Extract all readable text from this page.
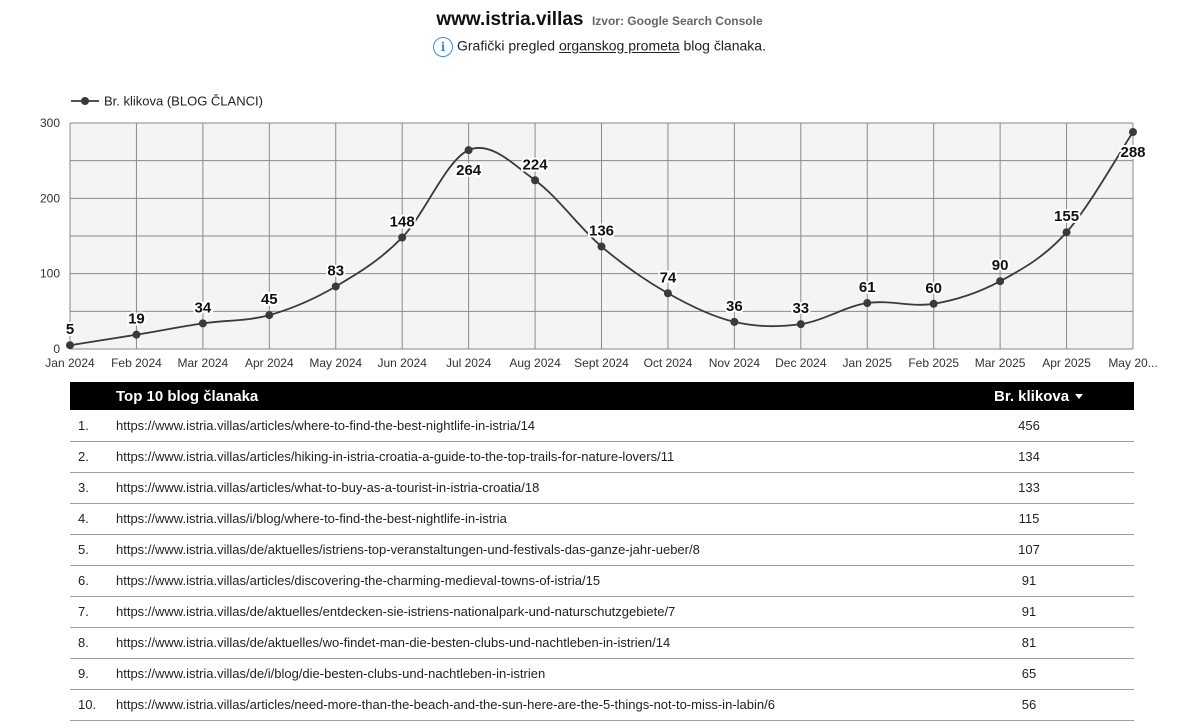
www.istria.villas Izvor: Google Search Console
i Grafički pregled organskog prometa blog članaka.
0
100
200
300
Jan 2024 Feb 2024 Mar 2024 Apr 2024 May 2024 Jun 2024 Jul 2024 Aug 2024 Sept 2024 Oct 2024 Nov 2024 Dec 2024 Jan 2025 Feb 2025 Mar 2025 Apr 2025 May 20...
5
19
34	45
83
148
264	224
136
74
36	33
61	60
90
155
288
Br. klikova (BLOG ČLANCI)
	Top 10 blog članaka	Br. klikova
1.	https://www.istria.villas/articles/where-to-find-the-best-nightlife-in-istria/14	456
2.	https://www.istria.villas/articles/hiking-in-istria-croatia-a-guide-to-the-top-trails-for-nature-lovers/11	134
3.	https://www.istria.villas/articles/what-to-buy-as-a-tourist-in-istria-croatia/18	133
4.	https://www.istria.villas/i/blog/where-to-find-the-best-nightlife-in-istria	115
5.	https://www.istria.villas/de/aktuelles/istriens-top-veranstaltungen-und-festivals-das-ganze-jahr-ueber/8	107
6.	https://www.istria.villas/articles/discovering-the-charming-medieval-towns-of-istria/15	91
7.	https://www.istria.villas/de/aktuelles/entdecken-sie-istriens-nationalpark-und-naturschutzgebiete/7	91
8.	https://www.istria.villas/de/aktuelles/wo-findet-man-die-besten-clubs-und-nachtleben-in-istrien/14	81
9.	https://www.istria.villas/de/i/blog/die-besten-clubs-und-nachtleben-in-istrien	65
10.	https://www.istria.villas/articles/need-more-than-the-beach-and-the-sun-here-are-the-5-things-not-to-miss-in-labin/6	56
